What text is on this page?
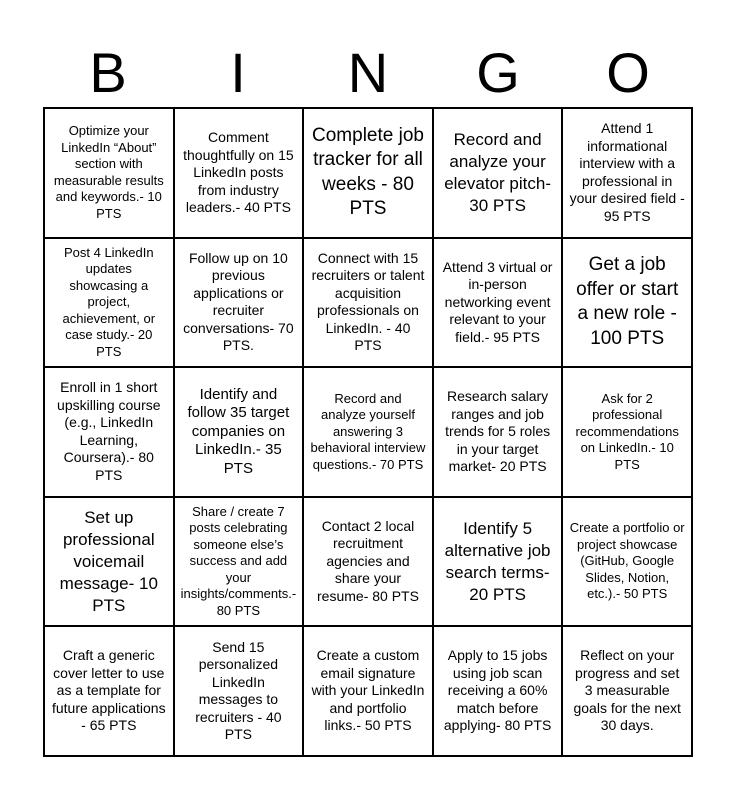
B	I	N	G	O
Optimize your LinkedIn “About” section with measurable results and keywords.- 10 PTS
Comment thoughtfully on 15 LinkedIn posts from industry leaders.- 40 PTS
Complete job tracker for all weeks - 80 PTS
Record and analyze your elevator pitch- 30 PTS
Attend 1 informational interview with a professional in your desired field - 95 PTS
Post 4 LinkedIn updates showcasing a project, achievement, or case study.- 20 PTS
Follow up on 10 previous applications or recruiter conversations- 70 PTS.
Connect with 15 recruiters or talent acquisition professionals on LinkedIn. - 40 PTS
Attend 3 virtual or in-person networking event relevant to your field.- 95 PTS
Get a job offer or start a new role - 100 PTS
Enroll in 1 short upskilling course (e.g., LinkedIn Learning, Coursera).- 80 PTS
Identify and follow 35 target companies on LinkedIn.- 35 PTS
Record and analyze yourself answering 3 behavioral interview questions.- 70 PTS
Research salary ranges and job trends for 5 roles in your target market- 20 PTS
Ask for 2 professional recommendations on LinkedIn.- 10 PTS
Set up professional voicemail message- 10 PTS
Share / create 7 posts celebrating someone else’s success and add your insights/comments.- 80 PTS
Contact 2 local recruitment agencies and share your resume- 80 PTS
Identify 5 alternative job search terms- 20 PTS
Create a portfolio or project showcase (GitHub, Google Slides, Notion, etc.).- 50 PTS
Craft a generic cover letter to use as a template for future applications - 65 PTS
Send 15 personalized LinkedIn messages to recruiters - 40 PTS
Create a custom email signature with your LinkedIn and portfolio links.- 50 PTS
Apply to 15 jobs using job scan receiving a 60% match before applying- 80 PTS
Reflect on your progress and set 3 measurable goals for the next 30 days.
